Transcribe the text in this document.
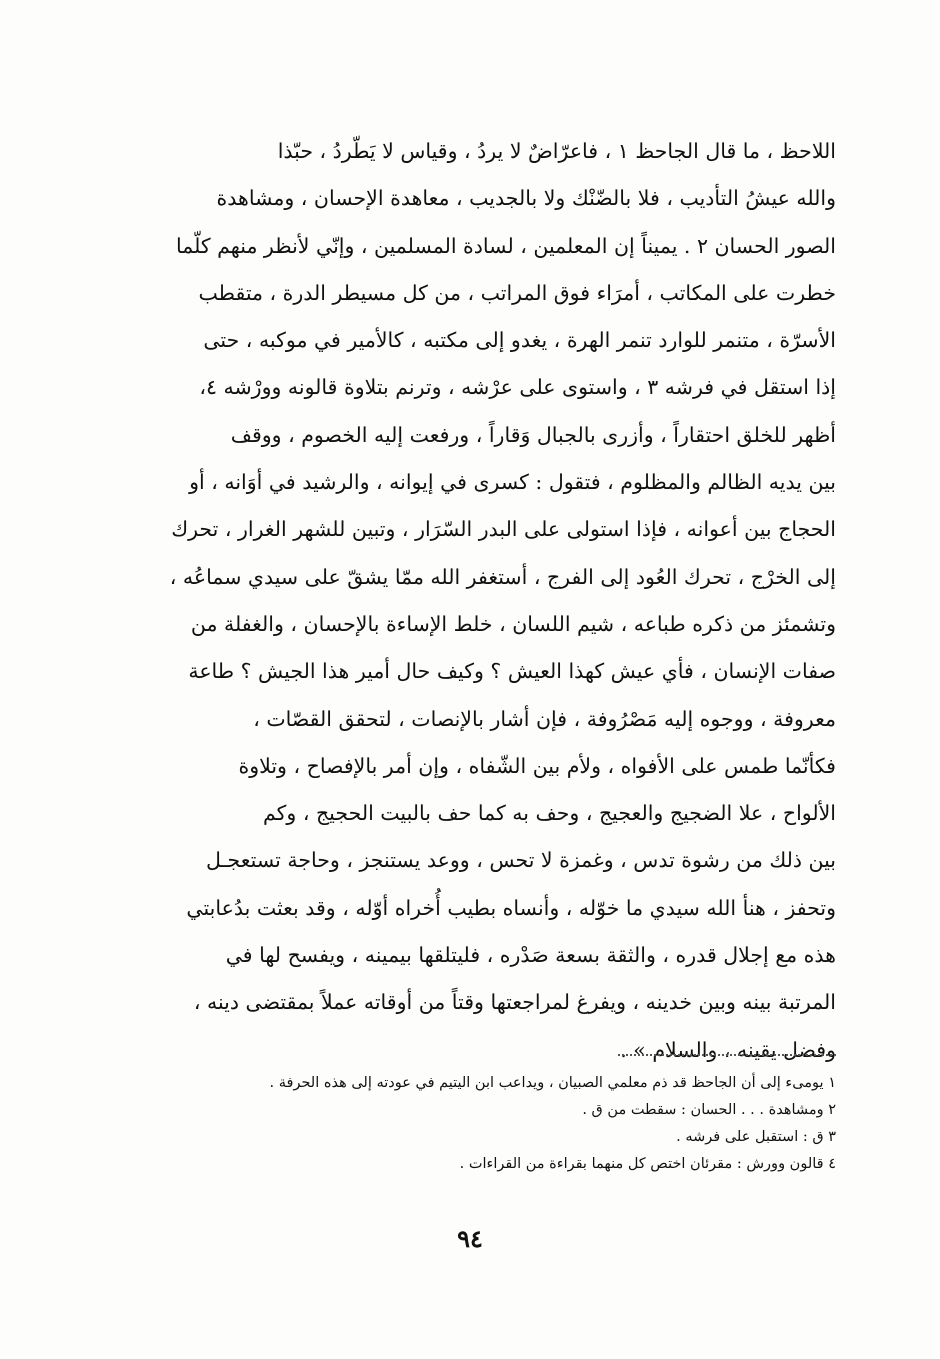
اللاحظ ، ما قال الجاحظ ١ ، فاعرّاضٌ لا يردُ ، وقياس لا يَطّردُ ، حبّذا
والله عيشُ التأديب ، فلا بالضّنْك ولا بالجديب ، معاهدة الإحسان ، ومشاهدة
الصور الحسان ٢ . يميناً إن المعلمين ، لسادة المسلمين ، وإنّي لأنظر منهم كلّما
خطرت على المكاتب ، أمرَاء فوق المراتب ، من كل مسيطر الدرة ، متقطب
الأسرّة ، متنمر للوارد تنمر الهرة ، يغدو إلى مكتبه ، كالأمير في موكبه ، حتى
إذا استقل في فرشه ٣ ، واستوى على عرْشه ، وترنم بتلاوة قالونه وورْشه ٤،
أظهر للخلق احتقاراً ، وأزرى بالجبال وَقاراً ، ورفعت إليه الخصوم ، ووقف
بين يديه الظالم والمظلوم ، فتقول : كسرى في إيوانه ، والرشيد في أوَانه ، أو
الحجاج بين أعوانه ، فإذا استولى على البدر السّرَار ، وتبين للشهر الغرار ، تحرك
إلى الخرْج ، تحرك العُود إلى الفرج ، أستغفر الله ممّا يشقّ على سيدي سماعُه ،
وتشمئز من ذكره طباعه ، شيم اللسان ، خلط الإساءة بالإحسان ، والغفلة من
صفات الإنسان ، فأي عيش كهذا العيش ؟ وكيف حال أمير هذا الجيش ؟ طاعة
معروفة ، ووجوه إليه مَصْرُوفة ، فإن أشار بالإنصات ، لتحقق القصّات ،
فكأنّما طمس على الأفواه ، ولأم بين الشّفاه ، وإن أمر بالإفصاح ، وتلاوة
الألواح ، علا الضجيج والعجيج ، وحف به كما حف بالبيت الحجيج ، وكم
بين ذلك من رشوة تدس ، وغمزة لا تحس ، ووعد يستنجز ، وحاجة تستعجـل
وتحفز ، هنأ الله سيدي ما خوّله ، وأنساه بطيب أُخراه أوّله ، وقد بعثت بدُعابتي
هذه مع إجلال قدره ، والثقة بسعة صَدْره ، فليتلقها بيمينه ، ويفسح لها في
المرتبة بينه وبين خدينه ، ويفرغ لمراجعتها وقتاً من أوقاته عملاً بمقتضى دينه ،
وفضل يقينه ، والسلام » .
١ يومىء إلى أن الجاحظ قد ذم معلمي الصبيان ، ويداعب ابن اليتيم في عودته إلى هذه الحرفة .
٢ ومشاهدة . . . الحسان : سقطت من ق .
٣ ق : استقبل على فرشه .
٤ قالون وورش : مقرئان اختص كل منهما بقراءة من القراءات .
٩٤
